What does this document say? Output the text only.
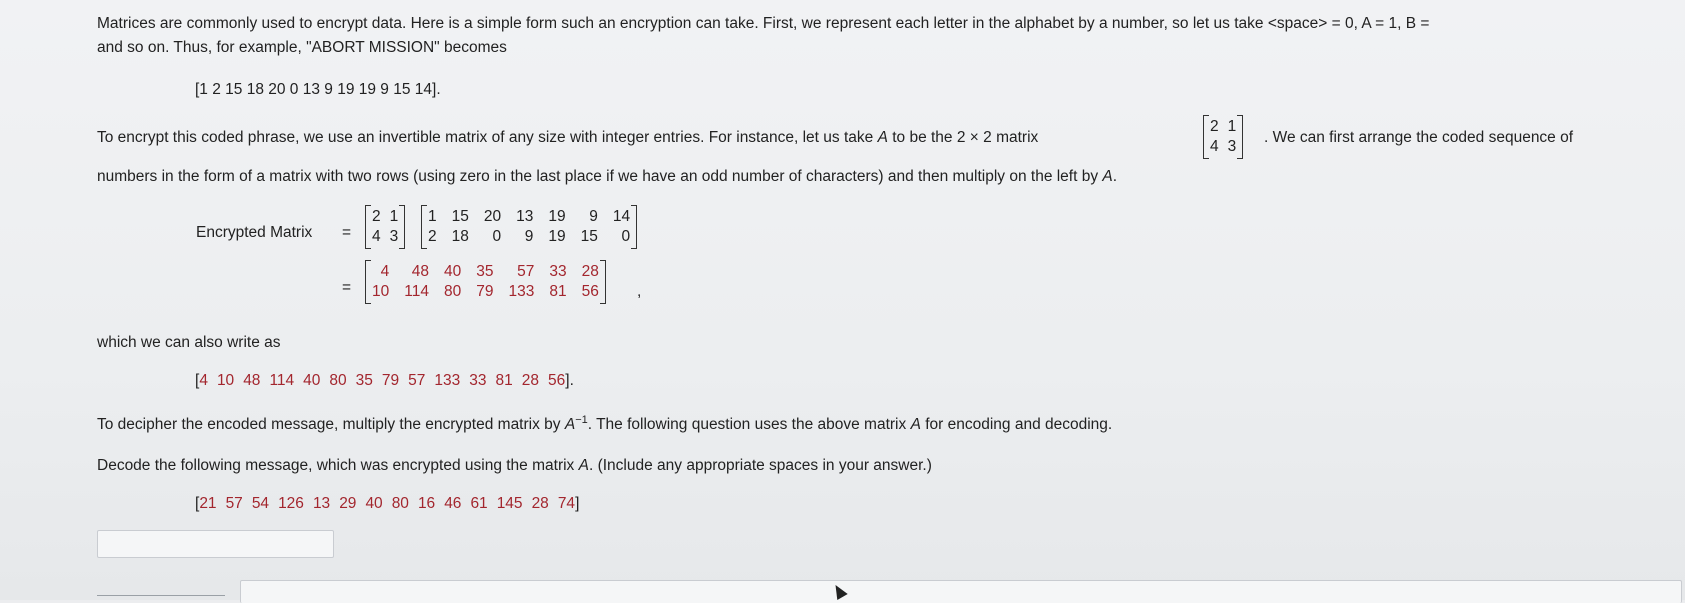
Matrices are commonly used to encrypt data. Here is a simple form such an encryption can take. First, we represent each letter in the alphabet by a number, so let us take <space> = 0, A = 1, B =
and so on. Thus, for example, "ABORT MISSION" becomes
[1 2 15 18 20 0 13 9 19 19 9 15 14].
To encrypt this coded phrase, we use an invertible matrix of any size with integer entries. For instance, let us take A to be the 2 × 2 matrix
2 1
4 3
. We can first arrange the coded sequence of
numbers in the form of a matrix with two rows (using zero in the last place if we have an odd number of characters) and then multiply on the left by A.
Encrypted Matrix =
2 1
4 3
1 15 20 13 19	9 14
2 18	0	9 19 15	0
=
4	48 40 35	57 33 28
10 114 80 79 133 81 56 ,
which we can also write as
[4 10 48 114 40 80 35 79 57 133 33 81 28 56].
To decipher the encoded message, multiply the encrypted matrix by $A^{-1}$. The following question uses the above matrix A for encoding and decoding.
Decode the following message, which was encrypted using the matrix A. (Include any appropriate spaces in your answer.)
[21 57 54 126 13 29 40 80 16 46 61 145 28 74]
